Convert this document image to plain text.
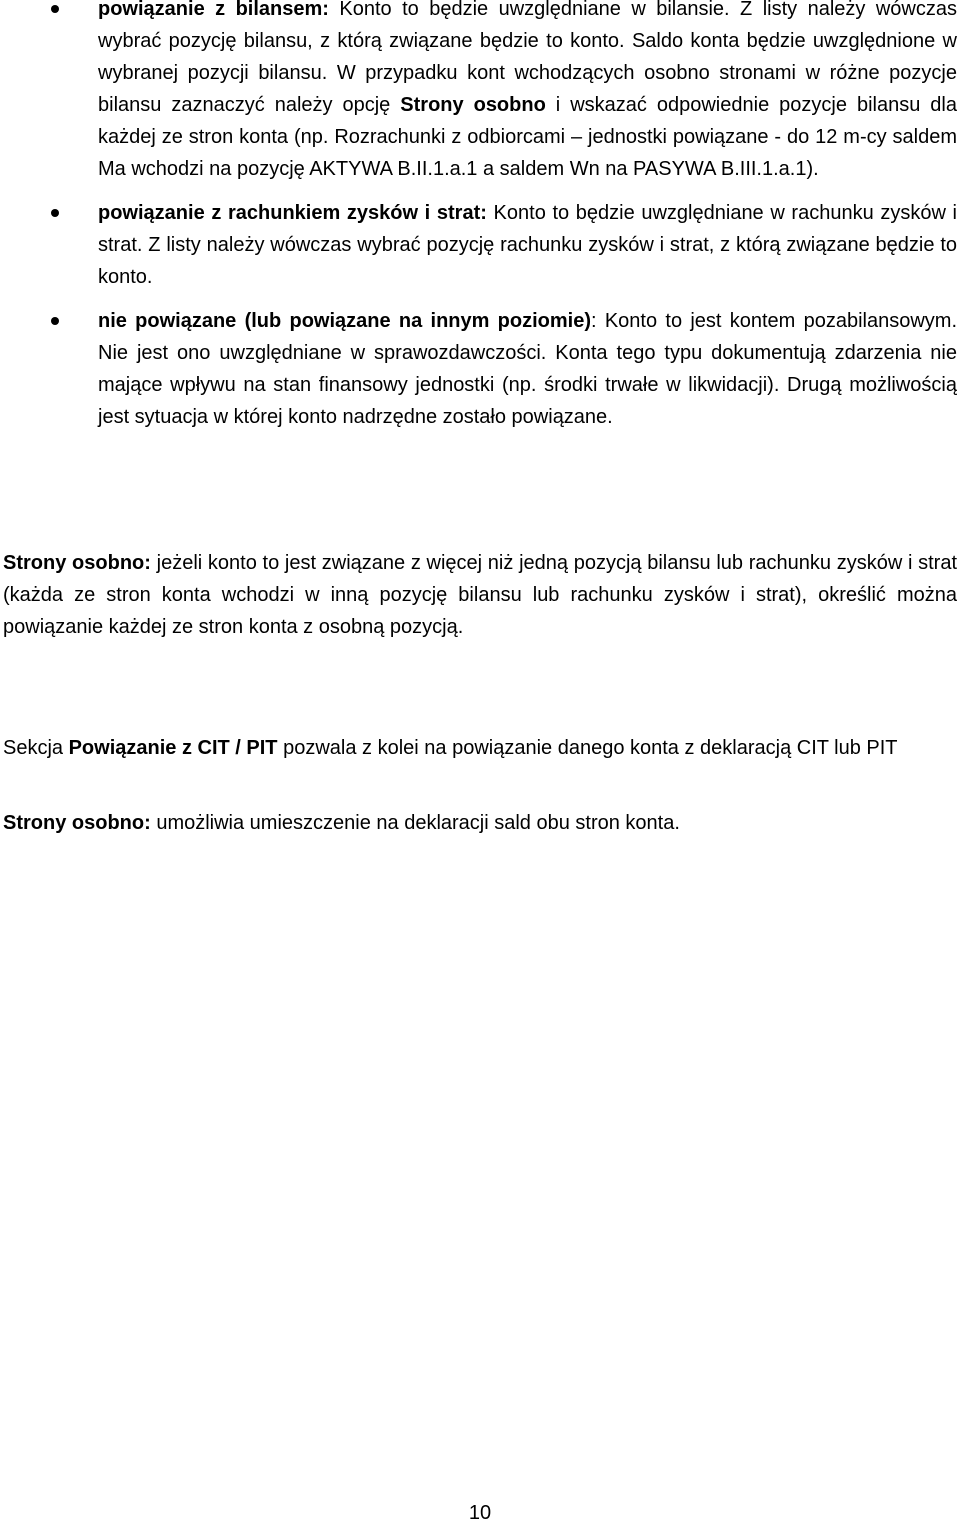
powiązanie z bilansem: Konto to będzie uwzględniane w bilansie. Z listy należy wówczas wybrać pozycję bilansu, z którą związane będzie to konto. Saldo konta będzie uwzględnione w wybranej pozycji bilansu. W przypadku kont wchodzących osobno stronami w różne pozycje bilansu zaznaczyć należy opcję Strony osobno i wskazać odpowiednie pozycje bilansu dla każdej ze stron konta (np. Rozrachunki z odbiorcami – jednostki powiązane - do 12 m-cy saldem Ma wchodzi na pozycję AKTYWA B.II.1.a.1 a saldem Wn na PASYWA B.III.1.a.1).
powiązanie z rachunkiem zysków i strat: Konto to będzie uwzględniane w rachunku zysków i strat. Z listy należy wówczas wybrać pozycję rachunku zysków i strat, z którą związane będzie to konto.
nie powiązane (lub powiązane na innym poziomie): Konto to jest kontem pozabilansowym. Nie jest ono uwzględniane w sprawozdawczości. Konta tego typu dokumentują zdarzenia nie mające wpływu na stan finansowy jednostki (np. środki trwałe w likwidacji). Drugą możliwością jest sytuacja w której konto nadrzędne zostało powiązane.

Strony osobno: jeżeli konto to jest związane z więcej niż jedną pozycją bilansu lub rachunku zysków i strat (każda ze stron konta wchodzi w inną pozycję bilansu lub rachunku zysków i strat), określić można powiązanie każdej ze stron konta z osobną pozycją.

Sekcja Powiązanie z CIT / PIT pozwala z kolei na powiązanie danego konta z deklaracją CIT lub PIT

Strony osobno: umożliwia umieszczenie na deklaracji sald obu stron konta.

10
